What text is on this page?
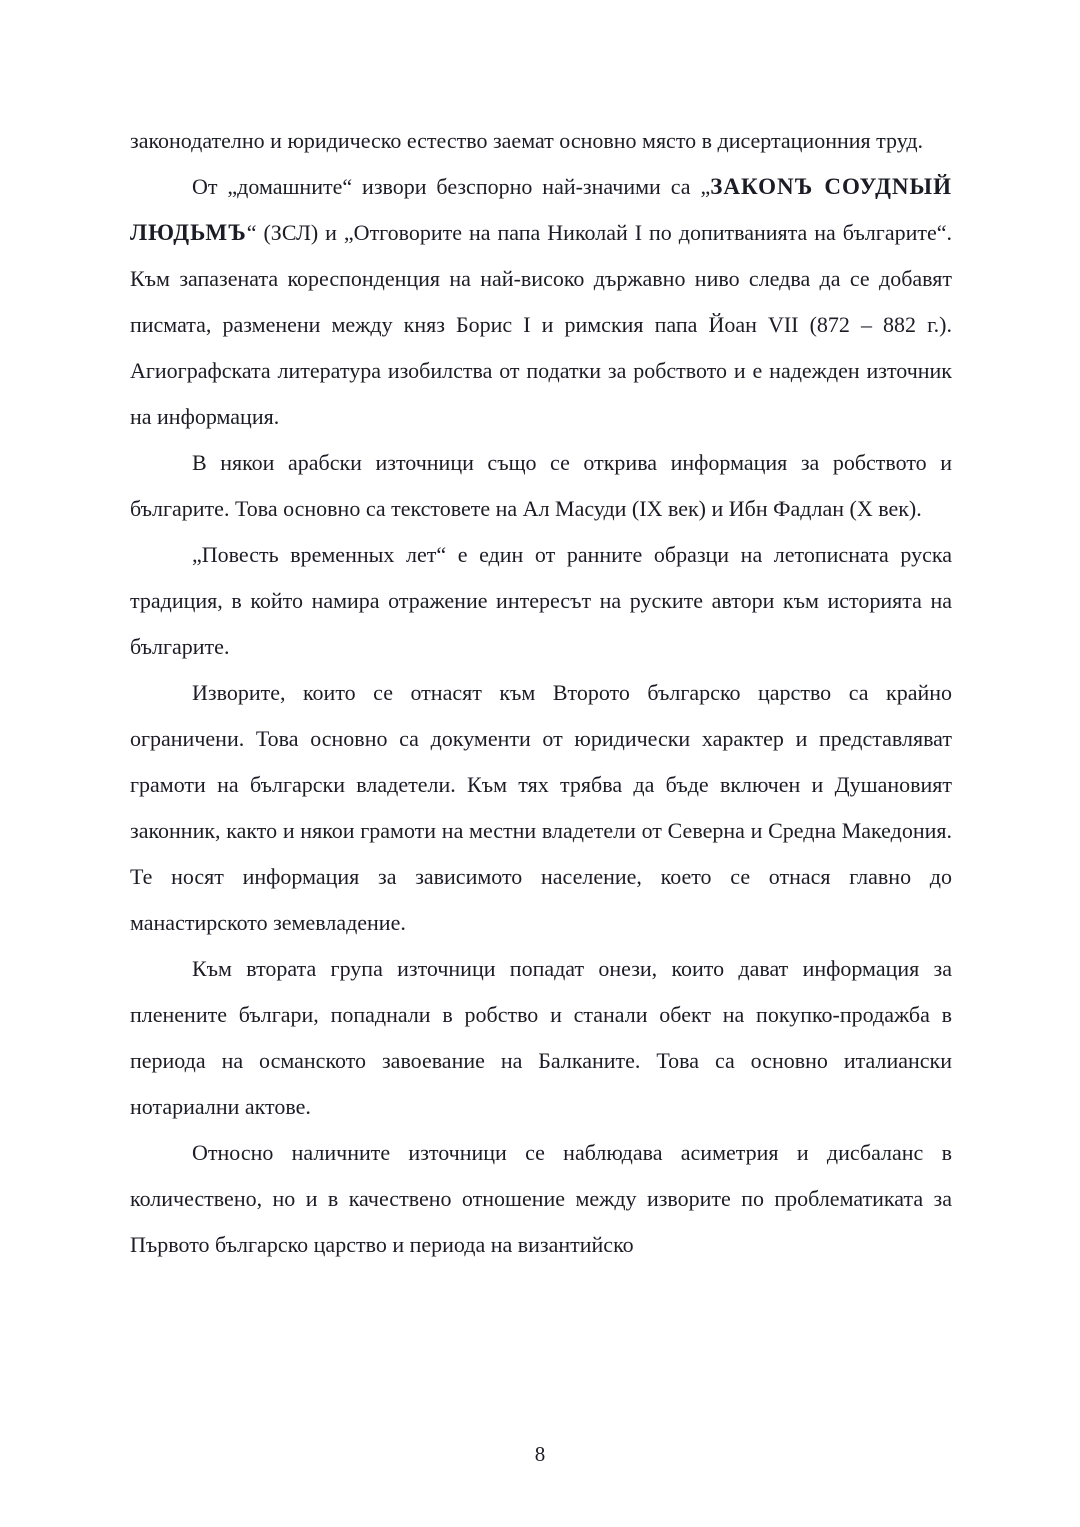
законодателно и юридическо естество заемат основно място в дисертационния труд.

От „домашните“ извори безспорно най-значими са „ЗАКОNЪ СОУДNЫЙ ЛЮДЬМЪ“ (ЗСЛ) и „Отговорите на папа Николай I по допитванията на българите“. Към запазената кореспонденция на най-високо държавно ниво следва да се добавят писмата, разменени между княз Борис I и римския папа Йоан VII (872 – 882 г.). Агиографската литература изобилства от податки за робството и е надежден източник на информация.

В някои арабски източници също се открива информация за робството и българите. Това основно са текстовете на Ал Масуди (IX век) и Ибн Фадлан (X век).

„Повесть временных лет“ е един от ранните образци на летописната руска традиция, в който намира отражение интересът на руските автори към историята на българите.

Изворите, които се отнасят към Второто българско царство са крайно ограничени. Това основно са документи от юридически характер и представляват грамоти на български владетели. Към тях трябва да бъде включен и Душановият законник, както и някои грамоти на местни владетели от Северна и Средна Македония. Те носят информация за зависимото население, което се отнася главно до манастирското земевладение.

Към втората група източници попадат онези, които дават информация за пленените българи, попаднали в робство и станали обект на покупко-продажба в периода на османското завоевание на Балканите. Това са основно италиански нотариални актове.

Относно наличните източници се наблюдава асиметрия и дисбаланс в количествено, но и в качествено отношение между изворите по проблематиката за Първото българско царство и периода на византийско

8
